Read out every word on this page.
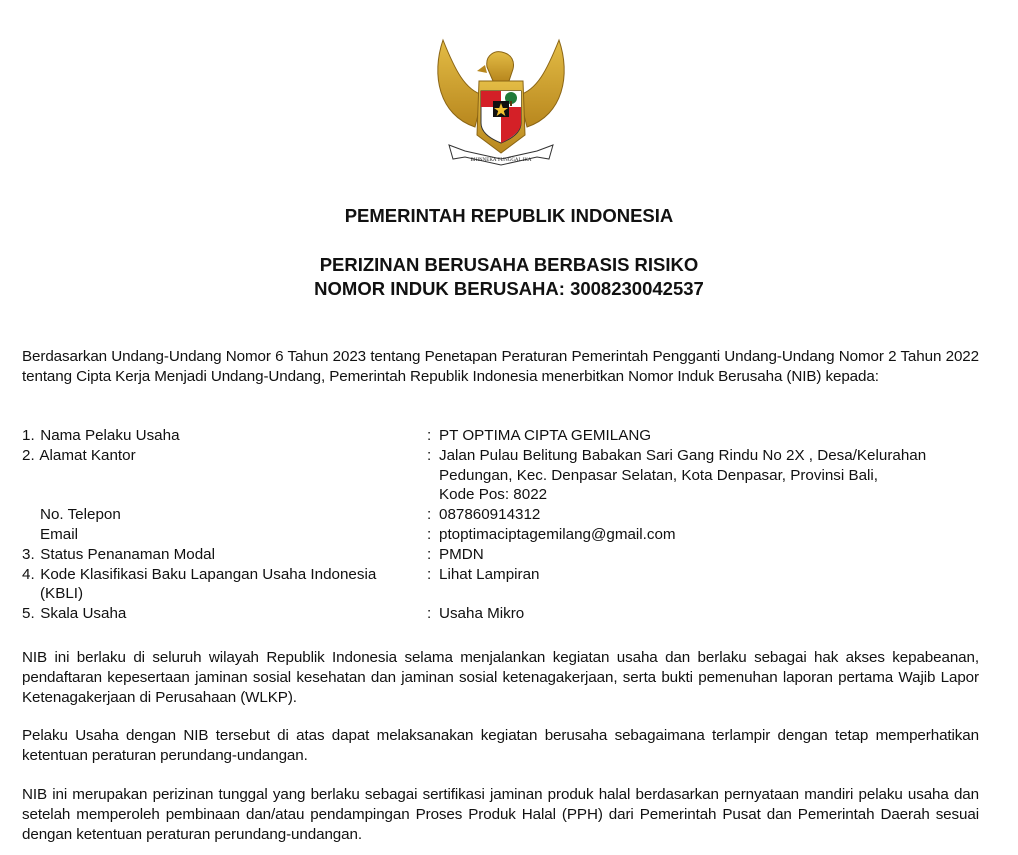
BHINNEKA TUNGGAL IKA
PEMERINTAH REPUBLIK INDONESIA
PERIZINAN BERUSAHA BERBASIS RISIKO
NOMOR INDUK BERUSAHA: 3008230042537
Berdasarkan Undang-Undang Nomor 6 Tahun 2023 tentang Penetapan Peraturan Pemerintah Pengganti Undang-Undang Nomor 2 Tahun 2022 tentang Cipta Kerja Menjadi Undang-Undang, Pemerintah Republik Indonesia menerbitkan Nomor Induk Berusaha (NIB) kepada:
1. Nama Pelaku Usaha	: PT OPTIMA CIPTA GEMILANG
2. Alamat Kantor	: Jalan Pulau Belitung Babakan Sari Gang Rindu No 2X , Desa/Kelurahan
Pedungan, Kec. Denpasar Selatan, Kota Denpasar, Provinsi Bali,
Kode Pos: 8022
No. Telepon	: 087860914312
Email	: ptoptimaciptagemilang@gmail.com
3. Status Penanaman Modal	: PMDN
4. Kode Klasifikasi Baku Lapangan Usaha Indonesia
(KBLI)
: Lihat Lampiran
5. Skala Usaha	: Usaha Mikro
NIB ini berlaku di seluruh wilayah Republik Indonesia selama menjalankan kegiatan usaha dan berlaku sebagai hak akses kepabeanan, pendaftaran kepesertaan jaminan sosial kesehatan dan jaminan sosial ketenagakerjaan, serta bukti pemenuhan laporan pertama Wajib Lapor Ketenagakerjaan di Perusahaan (WLKP).
Pelaku Usaha dengan NIB tersebut di atas dapat melaksanakan kegiatan berusaha sebagaimana terlampir dengan tetap memperhatikan ketentuan peraturan perundang-undangan.
NIB ini merupakan perizinan tunggal yang berlaku sebagai sertifikasi jaminan produk halal berdasarkan pernyataan mandiri pelaku usaha dan setelah memperoleh pembinaan dan/atau pendampingan Proses Produk Halal (PPH) dari Pemerintah Pusat dan Pemerintah Daerah sesuai dengan ketentuan peraturan perundang-undangan.
